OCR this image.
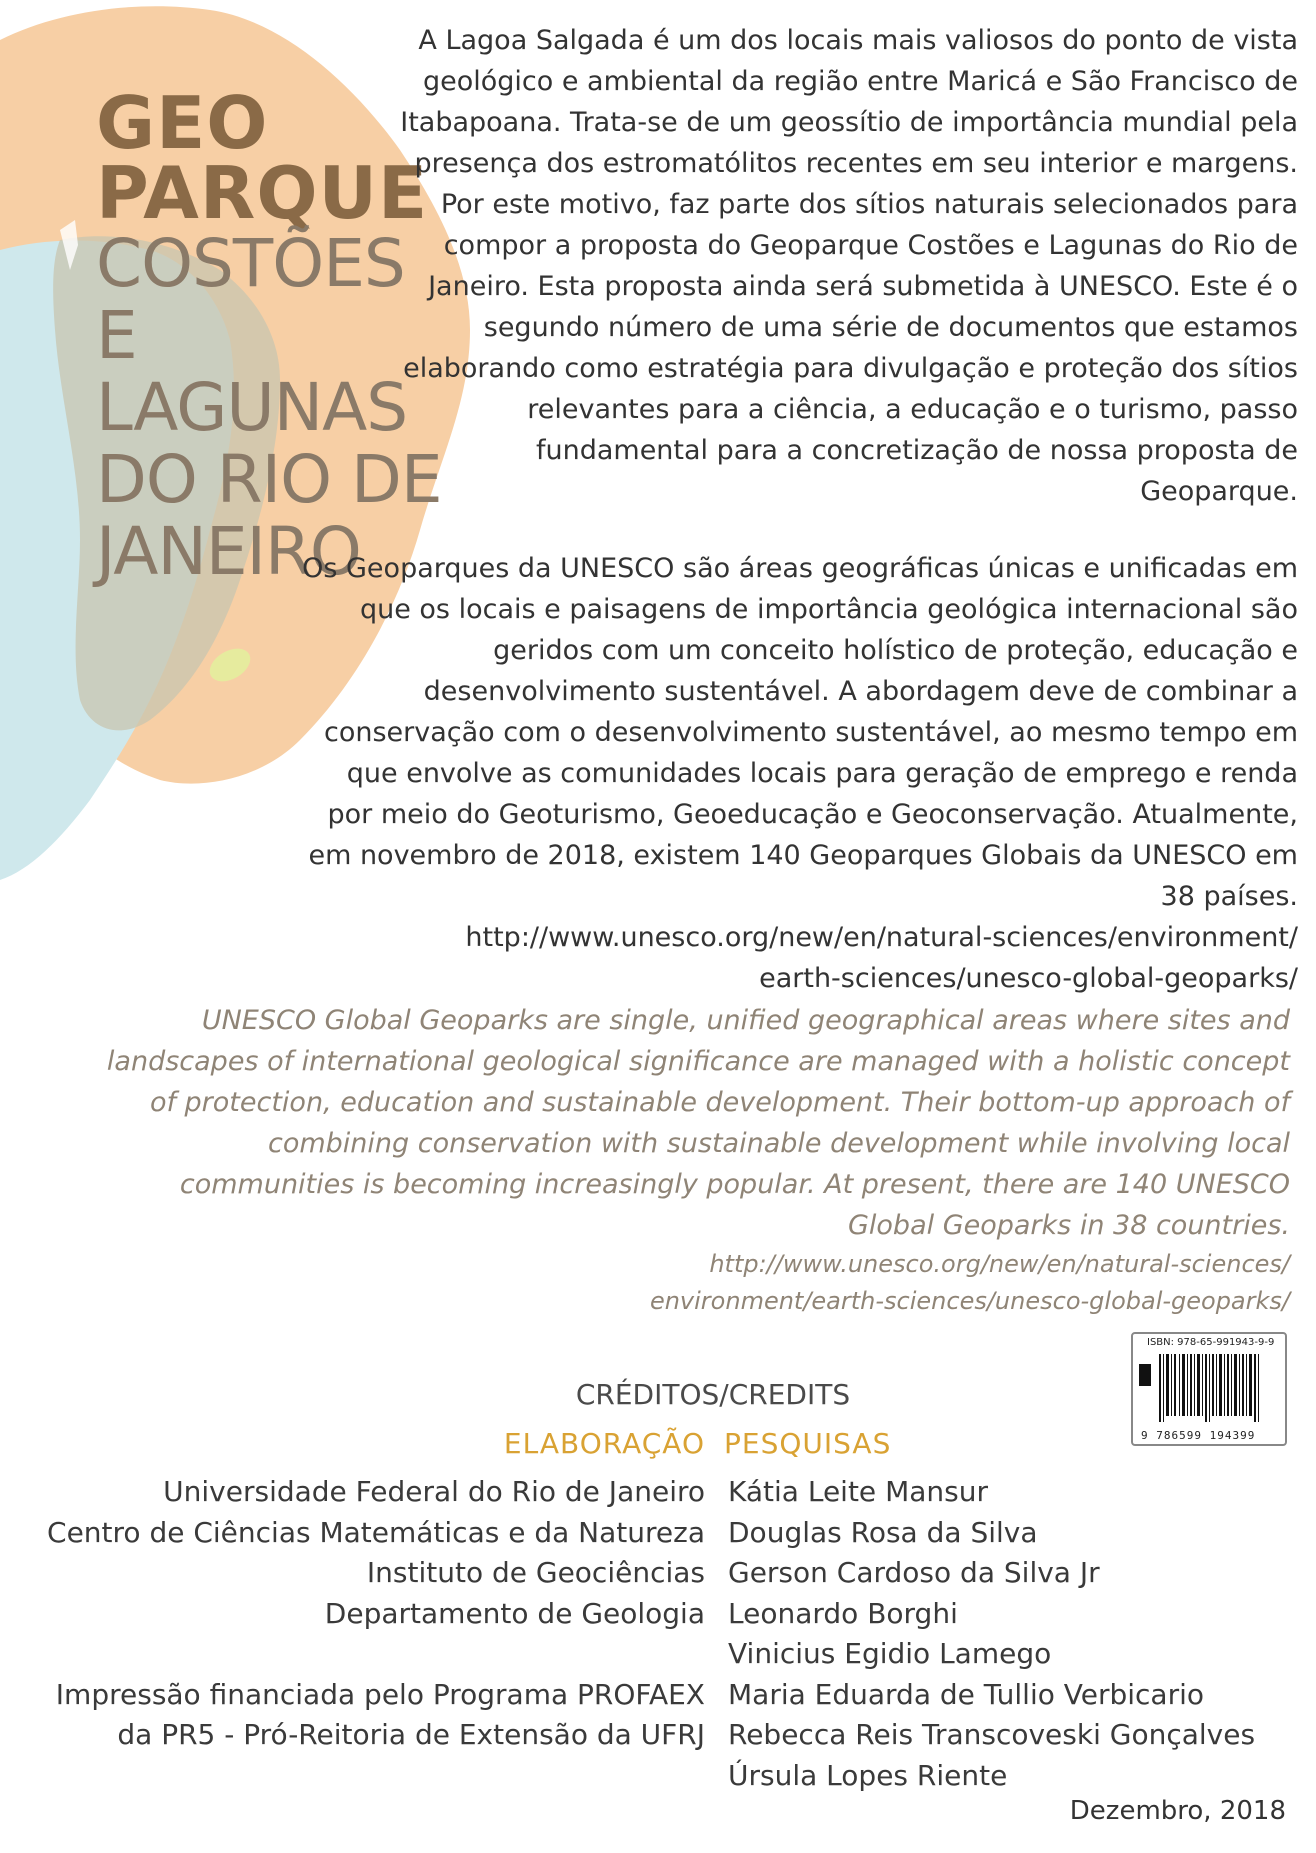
GEO
PARQUE
COSTÕES
E LAGUNAS
DO RIO DE
JANEIRO
A Lagoa Salgada é um dos locais mais valiosos do ponto de vista geológico e ambiental da região entre Maricá e São Francisco de Itabapoana. Trata-se de um geossítio de importância mundial pela presença dos estromatólitos recentes em seu interior e margens. Por este motivo, faz parte dos sítios naturais selecionados para compor a proposta do Geoparque Costões e Lagunas do Rio de Janeiro. Esta proposta ainda será submetida à UNESCO. Este é o segundo número de uma série de documentos que estamos elaborando como estratégia para divulgação e proteção dos sítios relevantes para a ciência, a educação e o turismo, passo fundamental para a concretização de nossa proposta de Geoparque.
Os Geoparques da UNESCO são áreas geográficas únicas e unificadas em que os locais e paisagens de importância geológica internacional são geridos com um conceito holístico de proteção, educação e desenvolvimento sustentável. A abordagem deve de combinar a conservação com o desenvolvimento sustentável, ao mesmo tempo em que envolve as comunidades locais para geração de emprego e renda por meio do Geoturismo, Geoeducação e Geoconservação. Atualmente, em novembro de 2018, existem 140 Geoparques Globais da UNESCO em 38 países.
http://www.unesco.org/new/en/natural-sciences/environment/
earth-sciences/unesco-global-geoparks/
UNESCO Global Geoparks are single, unified geographical areas where sites and landscapes of international geological significance are managed with a holistic concept of protection, education and sustainable development. Their bottom-up approach of combining conservation with sustainable development while involving local communities is becoming increasingly popular. At present, there are 140 UNESCO Global Geoparks in 38 countries.
http://www.unesco.org/new/en/natural-sciences/
environment/earth-sciences/unesco-global-geoparks/
ISBN: 978-65-991943-9-9
9 786599 194399
CRÉDITOS/CREDITS
ELABORAÇÃO PESQUISAS
Universidade Federal do Rio de Janeiro
Centro de Ciências Matemáticas e da Natureza
Instituto de Geociências
Departamento de Geologia
Impressão financiada pelo Programa PROFAEX
da PR5 - Pró-Reitoria de Extensão da UFRJ
Kátia Leite Mansur
Douglas Rosa da Silva
Gerson Cardoso da Silva Jr
Leonardo Borghi
Vinicius Egidio Lamego
Maria Eduarda de Tullio Verbicario
Rebecca Reis Transcoveski Gonçalves
Úrsula Lopes Riente
Dezembro, 2018
